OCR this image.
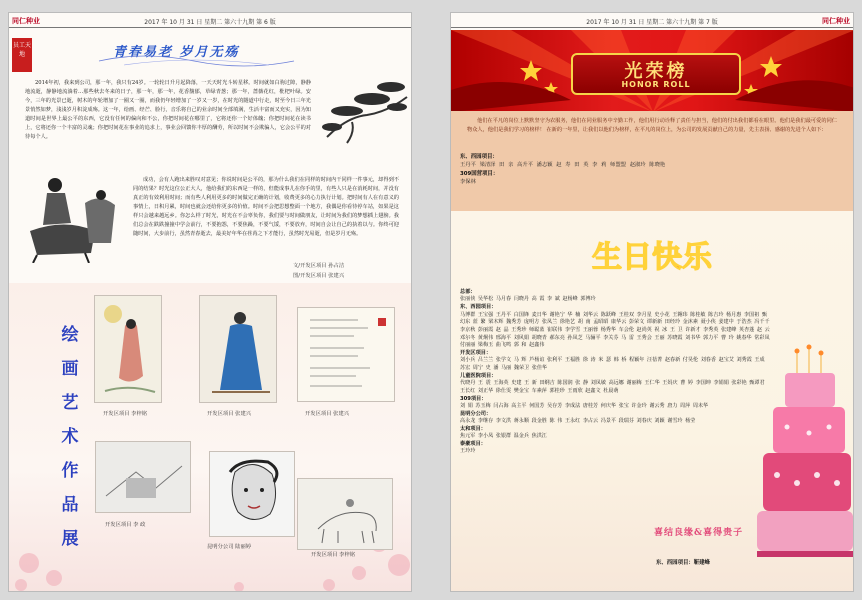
同仁种业	2017 年 10 月 31 日 星期二 第六十九期 第 6 版
员工天地	青春易老 岁月无殇

2014年初，我来到公司，那一年，我只有24岁。一轮轮日升月起降落，一天天时光斗转星移。时间就如白驹过隙，静静地流逝，静静地流淌着…那些秋去冬来的日子，那一年，那一年，花香馥郁，草绿青葱；那一年，蔷薇花红，枇杷叶绿。安今，三年的光景已逝，树木的年轮增加了一圈又一圈，而我仍年轻增加了一岁又一岁，在时光的隧道中行走，时至今日三年光景悄然如梦，浅浅岁月积淀成殇。这一年，给画、经芒、脸行，音乐将自己的业余时间全部填满，生活丰富而又充实，因为知道时间是世界上最公平的东西，它没有任何的偏向和不公，你把时间花在哪里了，它将还你一个好体魄；你把时间花在读书上，它将还你一个丰富的灵魂；你把时间花在事业的追求上，事业会回馈你丰厚的酬劳，所以时间不会欺骗人，它会公平的对待每个人。

成功，会有人跑出来胜叹对意见；你说时间是公平的，那为什么我们在同样的时间内干同样一件事元，却得到不同的结果？时光这位公正大人，他给我们的东西是一样的，但能成事儿在你手的里，有些人只是在消耗时间，并没有真正的有效利用时间；而有些人利用更多的时间做完正确的计划，收费更多的心力执行计划。把时间有人在有意义的事情上，日积月累，时间也就会还给你更多的价值。时间不会把思想整面一个地方，我偶是你看待停车站，如果是这样只会越来越远乡。你怎么样了时光，时光在不会辜负你，我们要与时间做朋友，让时间为我们的梦想插上翅膀。我们总会在跌跌撞撞中学会前行，不要抱怨，不要焦躁，不要气馁，不要放弃，时间自会让自己的执着以与。你终可迎随时间，大步前行，虽然青春逝去，最美好年华在荏苒之下才能行，虽然时光易逝，但是岁月无殇。

文/开发区项目 孙占洁
图/开发区项目 张建兴
绘
画
艺
术
作
品
展
开发区项目 李梓铭	开发区项目 张建兴	开发区项目 张建兴
开发区项目 李 政
昆明分公司 陆丽婷
开发区项目 李梓铭
2017 年 10 月 31 日 星期二 第六十九期 第 7 版	同仁种业
光荣榜
HONOR ROLL

他们在平凡的岗位上默默坚守为农服务，他们在同业服务中辛勤工作，他们用行动诠释了责任与担当，他们的付出我们都看在眼里。他们是我们最可爱的同仁物众人，他们是我们学习的榜样！ 在新的一年里，让我们以他们为榜样，在平凡的岗位上，为公司的发展贡献自己的力量，先主表扬、感谢的先进个人如下：

东、西园项目：
王丹平 梁清泽 田 亲 高升平 潘志颖 赵 寿 田 英 李 莉 师盟盟 赵淑玲 陈晓艳
309国营项目：
李保林
生日快乐
总部：
张丽侠 吴华松 马月春 闫晓丹 高 霞 李 斌 赵杨峰 郭博玲
东、西园项目：
马博群 王宝强 王丹平 白国锋 麦日华 谢艳宁 华 楠 刘华云 陈跃峰 王桂双 李月星 史小花 王翱玮 陈桂敏 陈吉玲 杨月惠 李国祖 甄幻东 蓝 繁 梁木辉 魏秀芳 庞明方 张凤兰 徐艳艺 胡 南 孟昭昭 康华云 彭荣文 谭新新 田经玲 金沐素 聂小侠 姜建中 于浩杰 冯千千 李京秋 彭丽霞 赵 晶 王秀珍 师聪蓝 崔联伟 李学雪 王丽蓉 杨秀华 车会伦 赵尚英 祝 冰 王 卫 许新才 李秀英 张建峰 英杏蓬 赵 云 邓尔冬 黄炯伟 邢海平 刘风娟 胡晓青 郝东亮 孙凤芝 马骊平 李关芬 马 雷 王秀会 王丽 苏晓霞 刘书华 郭力平 曹 玲 姚春华 常彩凤 付丽丽 梁梅玉 曲飞鸣 郭 和 赵鑫伟
开发区项目：
刘小兵 吕兰兰 张学文 马 辉 芦杨谊 张利平 王福胜 徐 涛 米 瑟 韩 桥 程颖年 汪蓓菁 赵春新 付昊伦 刘春香 赵宝艾 刘秀霞 王成 苏宏 周宁 史 潘 马丽 魏荣卫 张佳华
儿童医院项目：
代晓丹 王 震 王海英 史建 王 新 田纲吉 陈国润 张 静 刘凤敏 高远娜 谢丽梅 王仁华 王妈庆 曹 婷 李国坤 李娟娟 张彩艳 甄谭君 王长红 刘正华 徐仕雯 樊金宝 车素萍 郭桂珍 王雨欣 赵鑫文 杜晨萌
309项目：
刘 娟 苏玉梅 闫占海 高主平 何国芳 吴存芳 李成法 唐桂芳 何庆华 张宝 许金玲 谢云秀 唐力 周萍 周未华
昆明分公司：
高永龙 李继存 李文洪 蒋永顺 段金胜 陈 伟 王永红 李占云 冯景平 段瑞芬 刘春庆 刘颖 谢雪玲 杨莹
太和项目：
焦元军 李小凤 张银群 温金兵 焦洪江
泰豪项目：
王玲玲
喜结良缘&喜得贵子
东、西园项目：靳建峰
